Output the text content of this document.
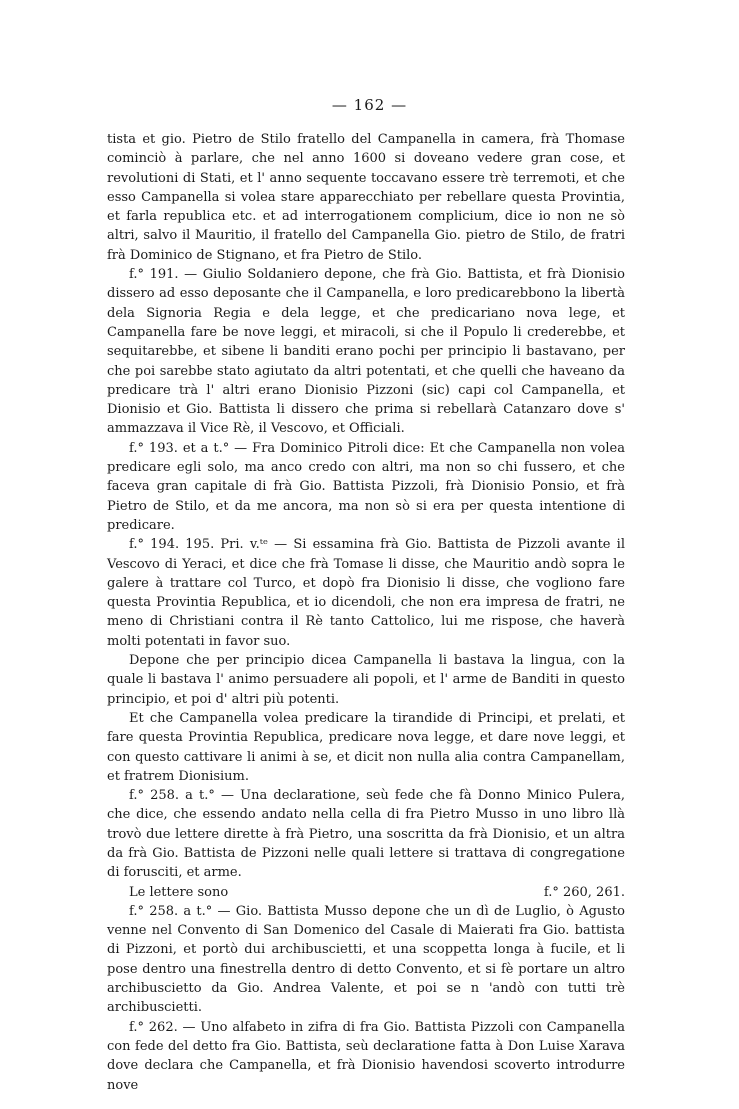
— 162 —

tista et gio. Pietro de Stilo fratello del Campanella in camera, frà Thomase cominciò à parlare, che nel anno 1600 si doveano vedere gran cose, et revolutioni di Stati, et l' anno sequente toccavano essere trè terremoti, et che esso Campanella si volea stare apparecchiato per rebellare questa Provintia, et farla republica etc. et ad interrogationem complicium, dice io non ne sò altri, salvo il Mauritio, il fratello del Campanella Gio. pietro de Stilo, de fratri frà Dominico de Stignano, et fra Pietro de Stilo.

f.° 191. — Giulio Soldaniero depone, che frà Gio. Battista, et frà Dionisio dissero ad esso deposante che il Campanella, e loro predicarebbono la libertà dela Signoria Regia e dela legge, et che predicariano nova lege, et Campanella fare be nove leggi, et miracoli, si che il Populo li crederebbe, et sequitarebbe, et sibene li banditi erano pochi per principio li bastavano, per che poi sarebbe stato agiutato da altri potentati, et che quelli che haveano da predicare trà l' altri erano Dionisio Pizzoni (sic) capi col Campanella, et Dionisio et Gio. Battista li dissero che prima si rebellarà Catanzaro dove s' ammazzava il Vice Rè, il Vescovo, et Officiali.

f.° 193. et a t.° — Fra Dominico Pitroli dice: Et che Campanella non volea predicare egli solo, ma anco credo con altri, ma non so chi fussero, et che faceva gran capitale di frà Gio. Battista Pizzoli, frà Dionisio Ponsio, et frà Pietro de Stilo, et da me ancora, ma non sò si era per questa intentione di predicare.

f.° 194. 195. Pri. v.ᵗᵉ — Si essamina frà Gio. Battista de Pizzoli avante il Vescovo di Yeraci, et dice che frà Tomase li disse, che Mauritio andò sopra le galere à trattare col Turco, et dopò fra Dionisio li disse, che vogliono fare questa Provintia Republica, et io dicendoli, che non era impresa de fratri, ne meno di Christiani contra il Rè tanto Cattolico, lui me rispose, che haverà molti potentati in favor suo.

Depone che per principio dicea Campanella li bastava la lingua, con la quale li bastava l' animo persuadere ali popoli, et l' arme de Banditi in questo principio, et poi d' altri più potenti.

Et che Campanella volea predicare la tirandide di Principi, et prelati, et fare questa Provintia Republica, predicare nova legge, et dare nove leggi, et con questo cattivare li animi à se, et dicit non nulla alia contra Campanellam, et fratrem Dionisium.

f.° 258. a t.° — Una declaratione, seù fede che fà Donno Minico Pulera, che dice, che essendo andato nella cella di fra Pietro Musso in uno libro llà trovò due lettere dirette à frà Pietro, una soscritta da frà Dionisio, et un altra da frà Gio. Battista de Pizzoni nelle quali lettere si trattava di congregatione di forusciti, et arme.

Le lettere sono	f.° 260, 261.

f.° 258. a t.° — Gio. Battista Musso depone che un dì de Luglio, ò Agusto venne nel Convento di San Domenico del Casale di Maierati fra Gio. battista di Pizzoni, et portò dui archibuscietti, et una scoppetta longa à fucile, et li pose dentro una finestrella dentro di detto Convento, et si fè portare un altro archibuscietto da Gio. Andrea Valente, et poi se n 'andò con tutti trè archibuscietti.

f.° 262. — Uno alfabeto in zifra di fra Gio. Battista Pizzoli con Campanella con fede del detto fra Gio. Battista, seù declaratione fatta à Don Luise Xarava dove declara che Campanella, et frà Dionisio havendosi scoverto introdurre nove
